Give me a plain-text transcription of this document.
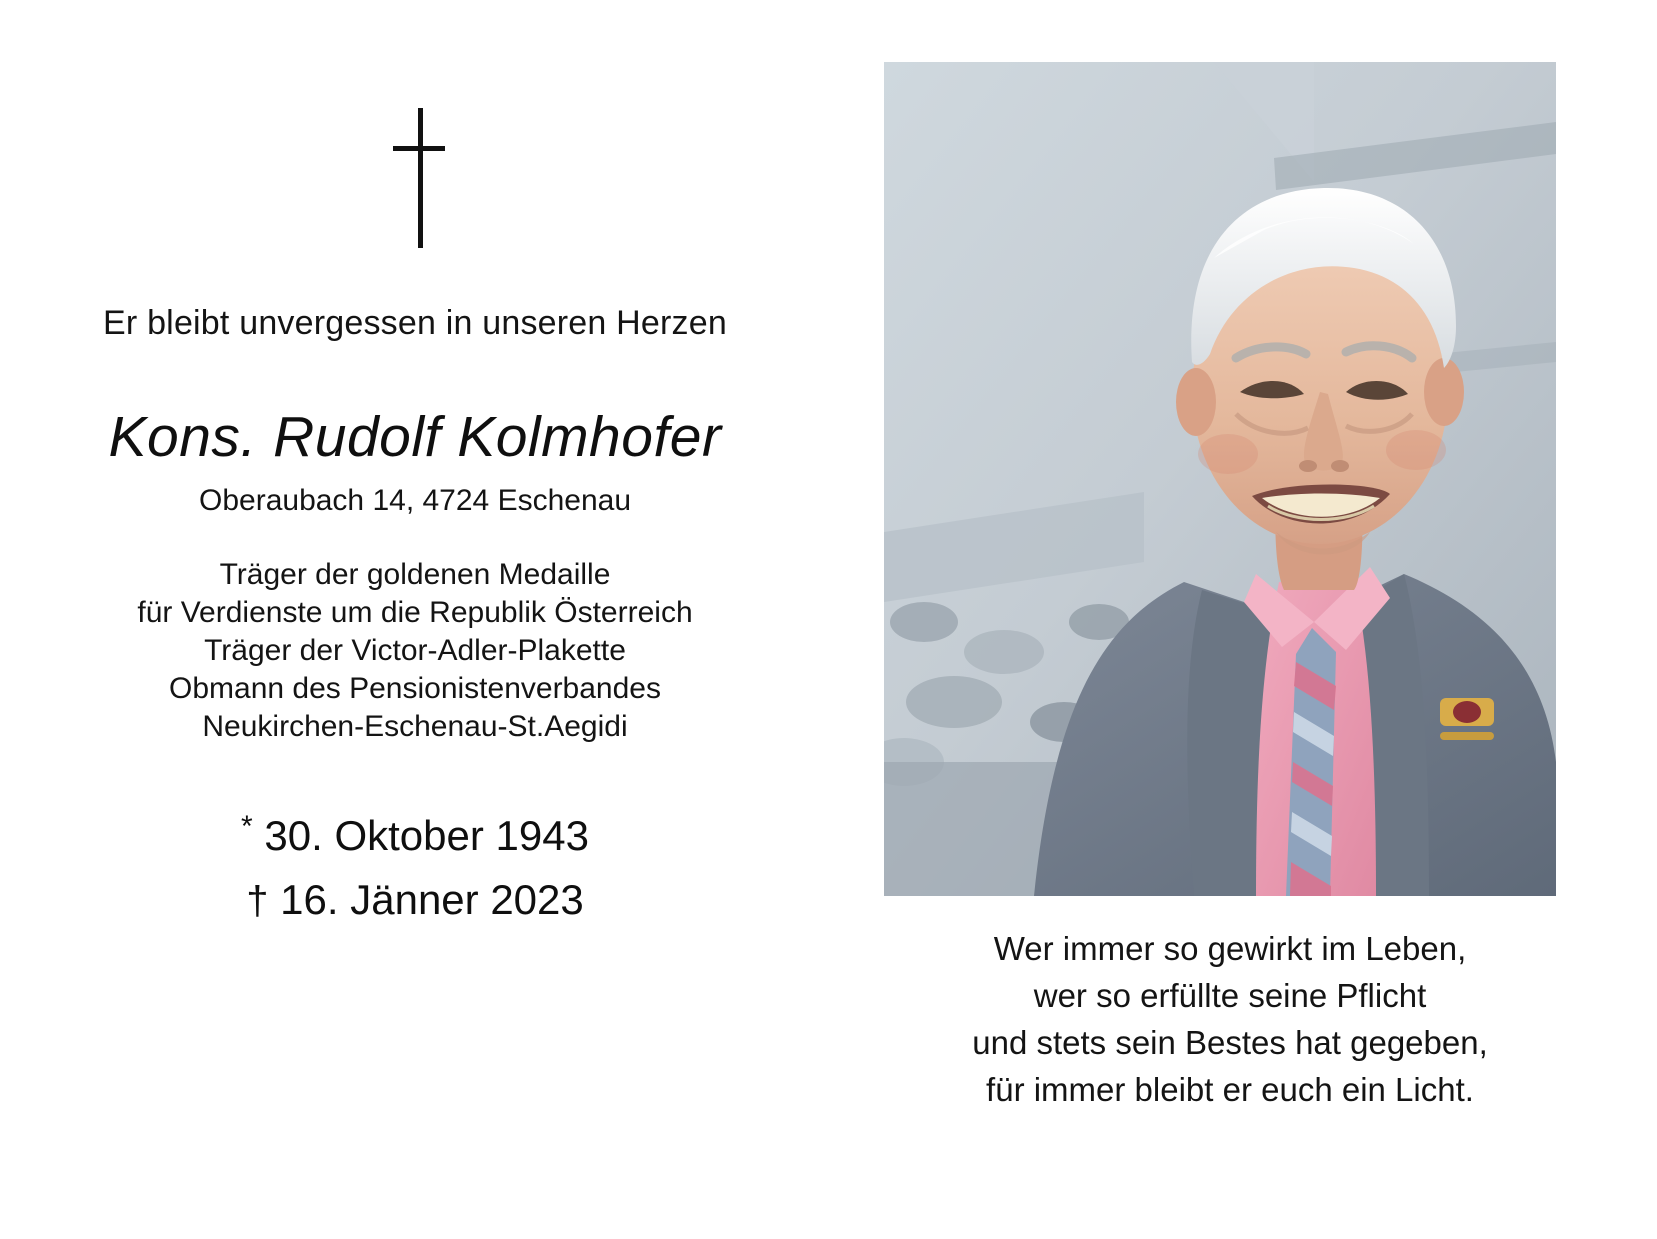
Er bleibt unvergessen in unseren Herzen
Kons. Rudolf Kolmhofer
Oberaubach 14, 4724 Eschenau
Träger der goldenen Medaille
für Verdienste um die Republik Österreich
Träger der Victor-Adler-Plakette
Obmann des Pensionistenverbandes
Neukirchen-Eschenau-St.Aegidi
* 30. Oktober 1943
† 16. Jänner 2023
Wer immer so gewirkt im Leben,
wer so erfüllte seine Pflicht
und stets sein Bestes hat gegeben,
für immer bleibt er euch ein Licht.
